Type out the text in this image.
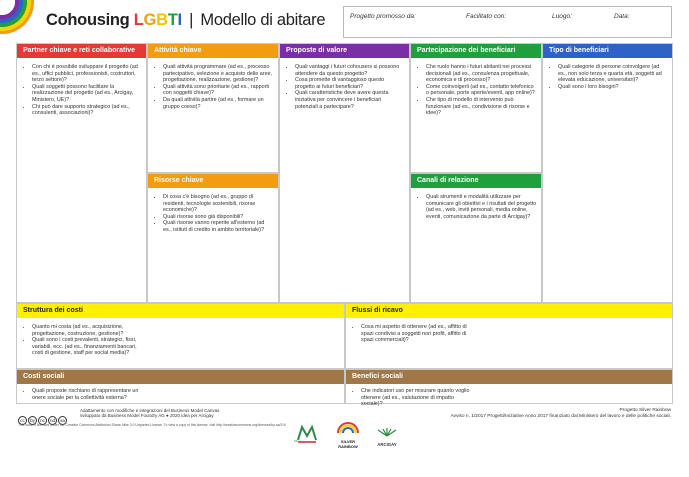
Cohousing LGBTI | Modello di abitare	Progetto promosso da:	Facilitato con:	Luogo:	Data:
Partner chiave e reti collaborative
• Con chi è possibile sviluppare il progetto (ad es., uffici pubblici, professionisti, costruttori, terzo settore)?
• Quali soggetti possono facilitare la realizzazione del progetto (ad es., Arcigay, Ministero, UE)?
• Chi può dare supporto strategico (ad es., consulenti, associazioni)?
Attività chiave
• Quali attività programmare (ad es., processo partecipativo, selezione e acquisto delle aree, progettazione, realizzazione, gestione)?
• Quali attività sono prioritarie (ad es., rapporti con soggetti chiave)?
• Da quali attività partire (ad es., formare un gruppo coeso)?
Risorse chiave
• Di cosa c'è bisogno (ad es., gruppo di residenti, tecnologie sostenibili, risorse economiche)?
• Quali risorse sono già disponibili?
• Quali risorse vanno reperite all'esterno (ad es., istituti di credito in ambito territoriale)?
Proposte di valore
• Quali vantaggi i futuri cohousers si possono attendere da questo progetto?
• Cosa promette di vantaggioso questo progetto ai futuri beneficiari?
• Quali caratteristiche deve avere questa iniziativa per convincere i beneficiari potenziali a partecipare?
Partecipazione dei beneficiari
• Che ruolo hanno i futuri abitanti nei processi decisionali (ad es., consulenza progettuale, economica e di processo)?
• Come coinvolgerli (ad es., contatto telefonico o personale, porte aperte/eventi, app online)?
• Che tipo di modello di intervento può funzionare (ad es., condivisione di risorse e idee)?
Canali di relazione
• Quali strumenti e modalità utilizzare per comunicare gli obiettivi e i risultati del progetto (ad es., web, inviti personali, media online, eventi, comunicazione da parte di Arcigay)?
Tipo di beneficiari
• Quali categorie di persone coinvolgere (ad es., non solo terza e quarta età, soggetti ad elevata educazione, universitari)?
• Quali sono i loro bisogni?
Struttura dei costi
• Quanto mi costa (ad es., acquisizione, progettazione, costruzione, gestione)?
• Quali sono i costi prevalenti, strategici, fissi, variabili, ecc. (ad es., finanziamenti bancari, costi di gestione, staff per social media)?
Flussi di ricavo
• Cosa mi aspetto di ottenere (ad es., affitto di spazi condivisi a soggetti non profit, affitto di spazi commerciali)?
Costi sociali
• Quali proposte rischiano di rappresentare un onere sociale per la collettività esterna?
Benefici sociali
• Che indicatori uso per misurare quanto voglio ottenere (ad es., valutazione di impatto sociale)?
cc by nc nd sa
Adattamento con modifiche e integrazioni del Business Model Canvas
sviluppato da Business Model Foundry AG ● 2020 idea per Arcigay
This work is licensed under the Creative Commons Attribution-Share Alike 3.0 Unported License. To view a copy of this license, visit http://creativecommons.org/licenses/by-sa/3.0/
Progetto Silver Rainbow
Avviso n. 1/2017 Progetti/Iniziative Anno 2017 finanziato dal Ministero del lavoro e delle politiche sociali.
ML	SILVER RAINBOW	ARCIGAY
